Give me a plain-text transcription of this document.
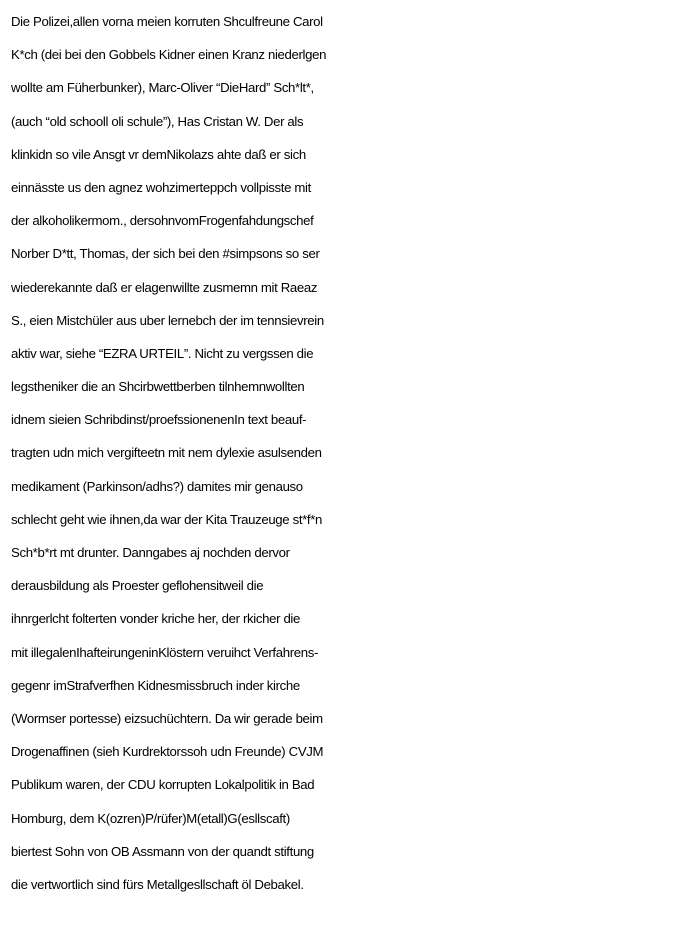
Die Polizei,allen vorna meien korruten Shculfreune Carol
K*ch (dei bei den Gobbels Kidner einen Kranz niederlgen
wollte am Füherbunker), Marc-Oliver “DieHard” Sch*lt*,
(auch “old schooll oli schule”), Has Cristan W. Der als
klinkidn so vile Ansgt vr demNikolazs ahte daß er sich
einnässte us den agnez wohzimerteppch vollpisste mit
der alkoholikermom., dersohnvomFrogenfahdungschef
Norber D*tt, Thomas, der sich bei den #simpsons so ser
wiederekannte daß er elagenwillte zusmemn mit Raeaz
S., eien Mistchüler aus uber lernebch der im tennsievrein
aktiv war, siehe “EZRA URTEIL”. Nicht zu vergssen die
legstheniker die an Shcirbwettberben tilnhemnwollten
idnem sieien Schribdinst/proefssionenenIn text beauf-
tragten udn mich vergifteetn mit nem dylexie asulsenden
medikament (Parkinson/adhs?) damites mir genauso
schlecht geht wie ihnen,da war der Kita Trauzeuge st*f*n
Sch*b*rt mt drunter. Danngabes aj nochden dervor
derausbildung als Proester geflohensitweil die
ihnrgerlcht folterten vonder kriche her, der rkicher die
mit illegalenIhafteirungeninKlöstern veruihct Verfahrens-
gegenr imStrafverfhen Kidnesmissbruch inder kirche
(Wormser portesse) eizsuchüchtern. Da wir gerade beim
Drogenaffinen (sieh Kurdrektorssoh udn Freunde) CVJM
Publikum waren, der CDU korrupten Lokalpolitik in Bad
Homburg, dem K(ozren)P/rüfer)M(etall)G(esllscaft)
biertest Sohn von OB Assmann von der quandt stiftung
die vertwortlich sind fürs Metallgesllschaft öl Debakel.
